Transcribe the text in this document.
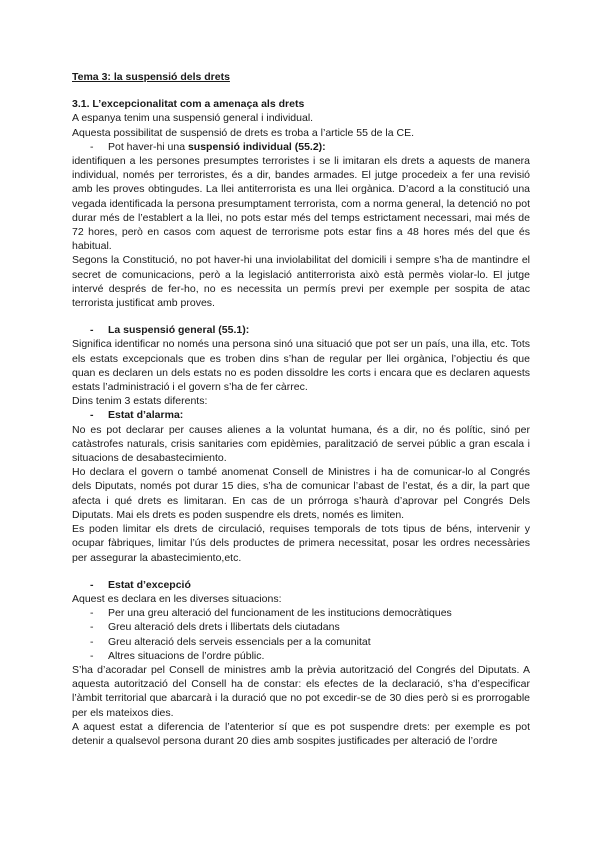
Tema 3: la suspensió dels drets

3.1. L’excepcionalitat com a amenaça als drets

A espanya tenim una suspensió general i individual.

Aquesta possibilitat de suspensió de drets es troba a l’article 55 de la CE.

- Pot haver-hi una suspensió individual (55.2):

identifiquen a les persones presumptes terroristes i se li imitaran els drets a aquests de manera individual, només per terroristes, és a dir, bandes armades. El jutge procedeix a fer una revisió amb les proves obtingudes. La llei antiterrorista es una llei orgànica. D’acord a la constitució una vegada identificada la persona presumptament terrorista, com a norma general, la detenció no pot durar més de l’establert a la llei, no pots estar més del temps estrictament necessari, mai més de 72 hores, però en casos com aquest de terrorisme pots estar fins a 48 hores més del que és habitual.

Segons la Constitució, no pot haver-hi una inviolabilitat del domicili i sempre s’ha de mantindre el secret de comunicacions, però a la legislació antiterrorista això està permès violar-lo. El jutge intervé després de fer-ho, no es necessita un permís previ per exemple per sospita de atac terrorista justificat amb proves.

- La suspensió general (55.1):

Significa identificar no només una persona sinó una situació que pot ser un país, una illa, etc. Tots els estats excepcionals que es troben dins s’han de regular per llei orgànica, l’objectiu és que quan es declaren un dels estats no es poden dissoldre les corts i encara que es declaren aquests estats l’administració i el govern s’ha de fer càrrec.

Dins tenim 3 estats diferents:

- Estat d’alarma:

No es pot declarar per causes alienes a la voluntat humana, és a dir, no és polític, sinó per catàstrofes naturals, crisis sanitaries com epidèmies, paralització de servei públic a gran escala i situacions de desabastecimiento.

Ho declara el govern o també anomenat Consell de Ministres i ha de comunicar-lo al Congrés dels Diputats, només pot durar 15 dies, s’ha de comunicar l’abast de l’estat, és a dir, la part que afecta i qué drets es limitaran. En cas de un prórroga s’haurà d’aprovar pel Congrés Dels Diputats. Mai els drets es poden suspendre els drets, només es limiten.

Es poden limitar els drets de circulació, requises temporals de tots tipus de béns, intervenir y ocupar fàbriques, limitar l’ús dels productes de primera necessitat, posar les ordres necessàries per assegurar la abastecimiento,etc.

- Estat d’excepció

Aquest es declara en les diverses situacions:

- Per una greu alteració del funcionament de les institucions democràtiques

- Greu alteració dels drets i llibertats dels ciutadans

- Greu alteració dels serveis essencials per a la comunitat

- Altres situacions de l’ordre públic.

S’ha d’acoradar pel Consell de ministres amb la prèvia autorització del Congrés del Diputats. A aquesta autorització del Consell ha de constar: els efectes de la declaració, s’ha d’especificar l’àmbit territorial que abarcarà i la duració que no pot excedir-se de 30 dies però si es prorrogable per els mateixos dies.

A aquest estat a diferencia de l’atenterior sí que es pot suspendre drets: per exemple es pot detenir a qualsevol persona durant 20 dies amb sospites justificades per alteració de l’ordre
